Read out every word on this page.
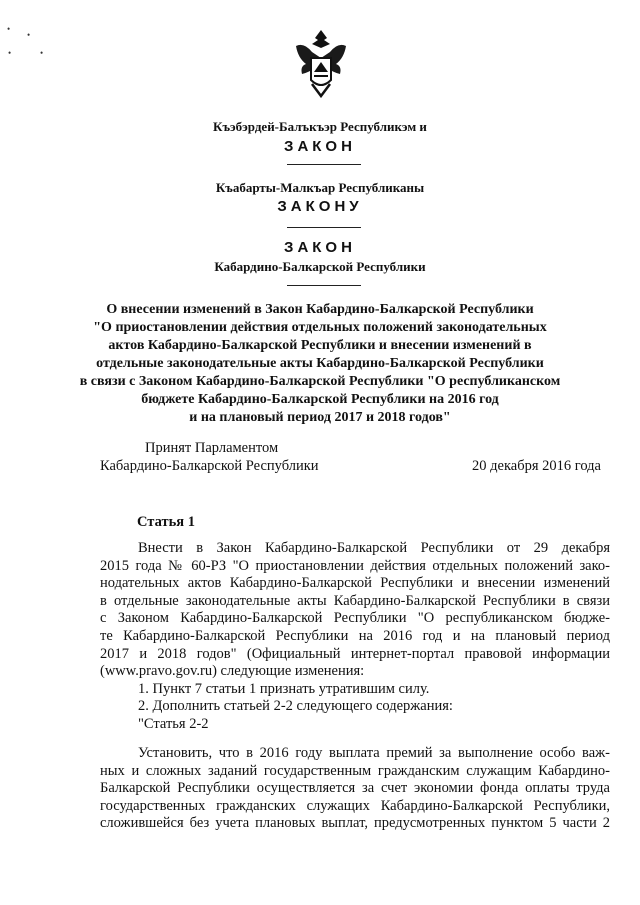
•
•
•	•
Къэбэрдей-Балъкъэр Республикэм и
ЗАКОН
Къабарты-Малкъар Республиканы
ЗАКОНУ
ЗАКОН
Кабардино-Балкарской Республики
О внесении изменений в Закон Кабардино-Балкарской Республики
"О приостановлении действия отдельных положений законодательных
актов Кабардино-Балкарской Республики и внесении изменений в
отдельные законодательные акты Кабардино-Балкарской Республики
в связи с Законом Кабардино-Балкарской Республики "О республиканском
бюджете Кабардино-Балкарской Республики на 2016 год
и на плановый период 2017 и 2018 годов"
Принят Парламентом
Кабардино-Балкарской Республики	20 декабря 2016 года
Статья 1
Внести в Закон Кабардино-Балкарской Республики от 29 декабря
2015 года № 60-РЗ "О приостановлении действия отдельных положений зако-
нодательных актов Кабардино-Балкарской Республики и внесении изменений
в отдельные законодательные акты Кабардино-Балкарской Республики в связи
с Законом Кабардино-Балкарской Республики "О республиканском бюдже-
те Кабардино-Балкарской Республики на 2016 год и на плановый период
2017 и 2018 годов" (Официальный интернет-портал правовой информации
(www.pravo.gov.ru) следующие изменения:
1. Пункт 7 статьи 1 признать утратившим силу.
2. Дополнить статьей 2-2 следующего содержания:
"Статья 2-2
Установить, что в 2016 году выплата премий за выполнение особо важ-
ных и сложных заданий государственным гражданским служащим Кабардино-
Балкарской Республики осуществляется за счет экономии фонда оплаты труда
государственных гражданских служащих Кабардино-Балкарской Республики,
сложившейся без учета плановых выплат, предусмотренных пунктом 5 части 2
